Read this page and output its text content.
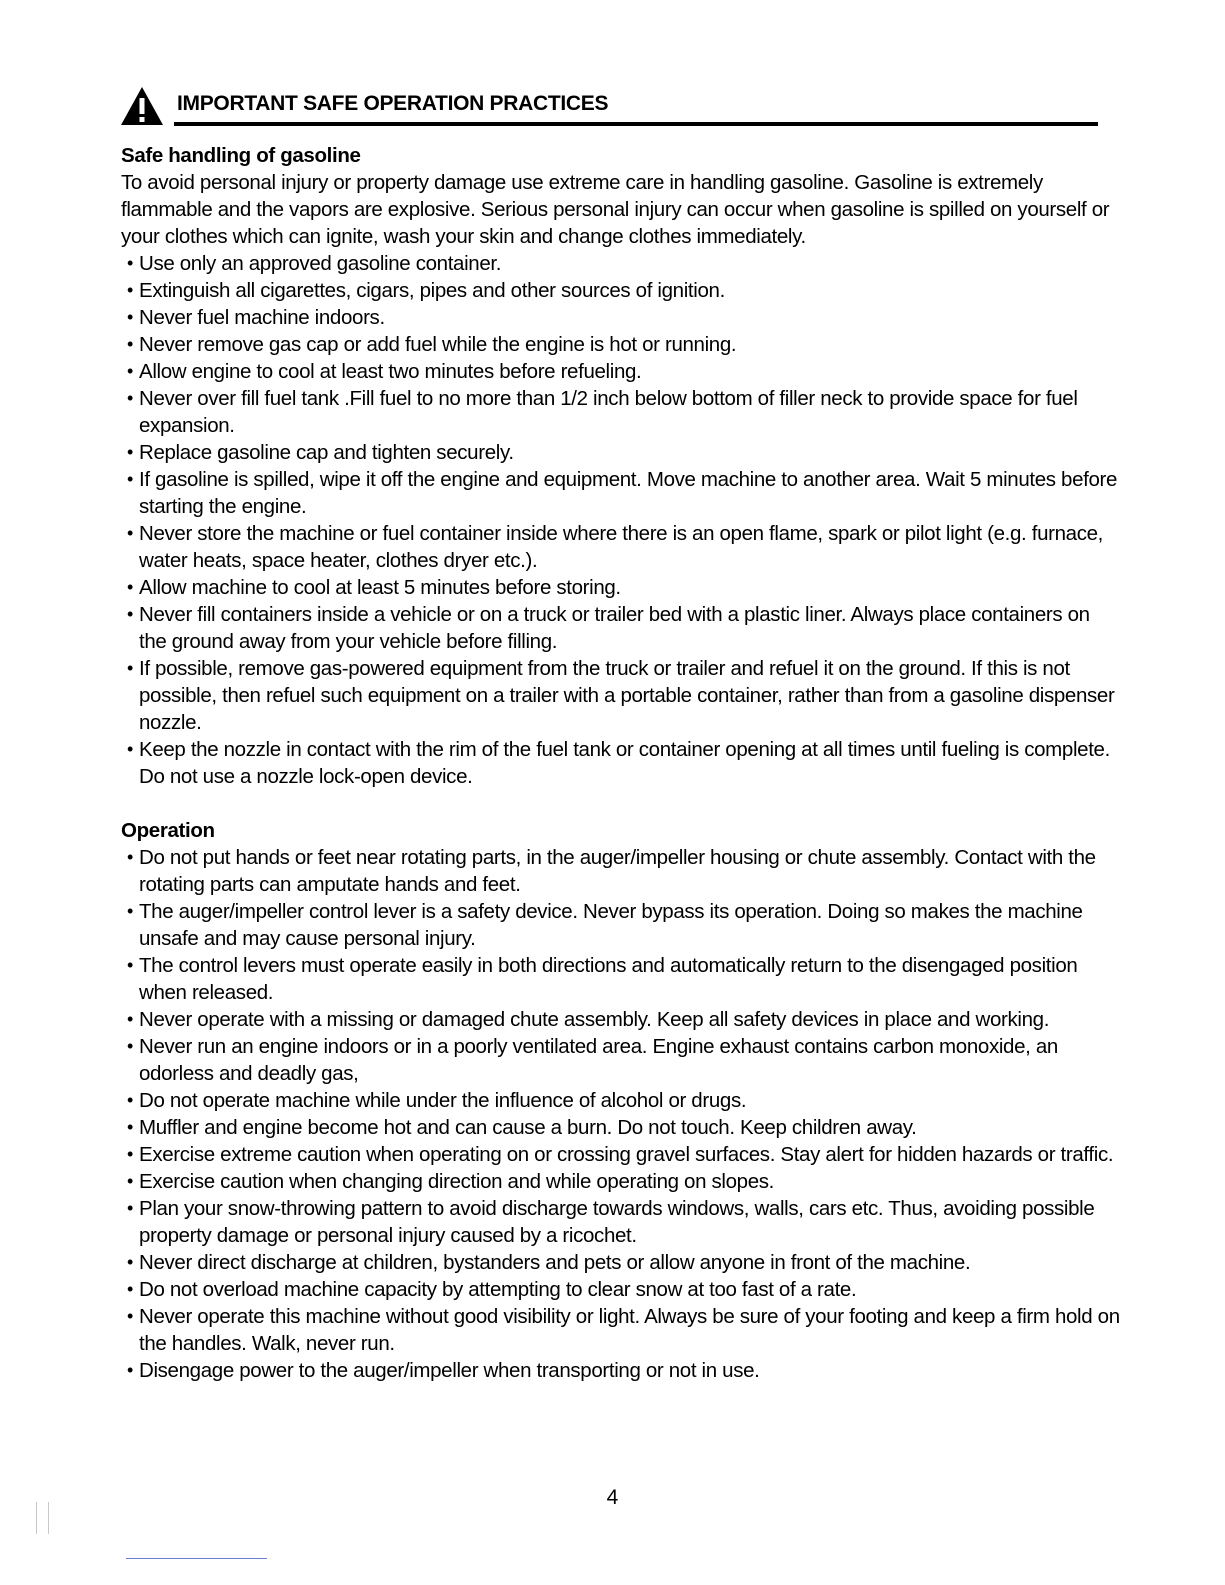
IMPORTANT SAFE OPERATION PRACTICES
Safe handling of gasoline
To avoid personal injury or property damage use extreme care in handling gasoline. Gasoline is extremely flammable and the vapors are explosive. Serious personal injury can occur when gasoline is spilled on yourself or your clothes which can ignite, wash your skin and change clothes immediately.
• Use only an approved gasoline container.
• Extinguish all cigarettes, cigars, pipes and other sources of ignition.
• Never fuel machine indoors.
• Never remove gas cap or add fuel while the engine is hot or running.
• Allow engine to cool at least two minutes before refueling.
• Never over fill fuel tank .Fill fuel to no more than 1/2 inch below bottom of filler neck to provide space for fuel expansion.
• Replace gasoline cap and tighten securely.
• If gasoline is spilled, wipe it off the engine and equipment. Move machine to another area. Wait 5 minutes before starting the engine.
• Never store the machine or fuel container inside where there is an open flame, spark or pilot light (e.g. furnace, water heats, space heater, clothes dryer etc.).
• Allow machine to cool at least 5 minutes before storing.
• Never fill containers inside a vehicle or on a truck or trailer bed with a plastic liner. Always place containers on the ground away from your vehicle before filling.
• If possible, remove gas-powered equipment from the truck or trailer and refuel it on the ground. If this is not possible, then refuel such equipment on a trailer with a portable container, rather than from a gasoline dispenser nozzle.
• Keep the nozzle in contact with the rim of the fuel tank or container opening at all times until fueling is complete. Do not use a nozzle lock-open device.
Operation
• Do not put hands or feet near rotating parts, in the auger/impeller housing or chute assembly. Contact with the rotating parts can amputate hands and feet.
• The auger/impeller control lever is a safety device. Never bypass its operation. Doing so makes the machine unsafe and may cause personal injury.
• The control levers must operate easily in both directions and automatically return to the disengaged position when released.
• Never operate with a missing or damaged chute assembly. Keep all safety devices in place and working.
• Never run an engine indoors or in a poorly ventilated area. Engine exhaust contains carbon monoxide, an odorless and deadly gas,
• Do not operate machine while under the influence of alcohol or drugs.
• Muffler and engine become hot and can cause a burn. Do not touch. Keep children away.
• Exercise extreme caution when operating on or crossing gravel surfaces. Stay alert for hidden hazards or traffic.
• Exercise caution when changing direction and while operating on slopes.
• Plan your snow-throwing pattern to avoid discharge towards windows, walls, cars etc. Thus, avoiding possible property damage or personal injury caused by a ricochet.
• Never direct discharge at children, bystanders and pets or allow anyone in front of the machine.
• Do not overload machine capacity by attempting to clear snow at too fast of a rate.
• Never operate this machine without good visibility or light. Always be sure of your footing and keep a firm hold on the handles. Walk, never run.
• Disengage power to the auger/impeller when transporting or not in use.
4
